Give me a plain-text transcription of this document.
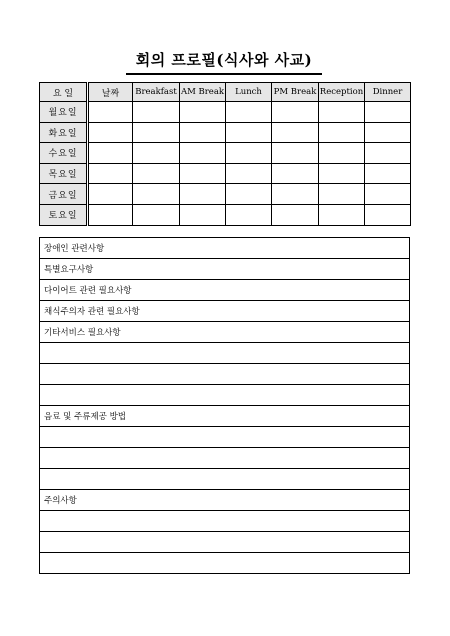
회의 프로필(식사와 사교)
요 일	날짜	Breakfast	AM Break	Lunch	PM Break	Reception	Dinner
월요일							
화요일							
수요일							
목요일							
금요일							
토요일							
장애인 관련사항
특별요구사항
다이어트 관련 필요사항
채식주의자 관련 필요사항
기타서비스 필요사항

음료 및 주류제공 방법

주의사항
